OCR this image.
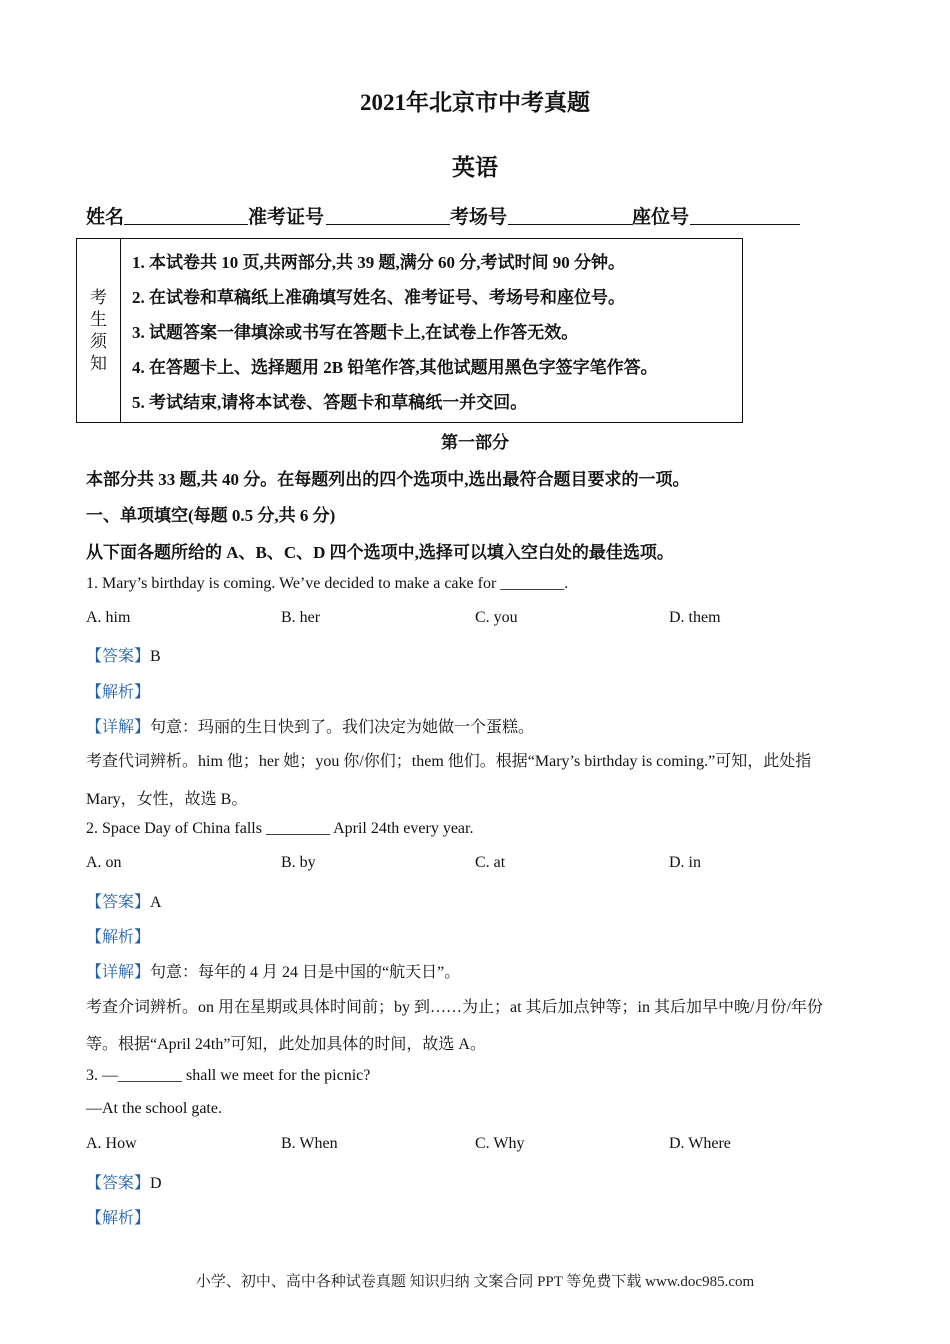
2021年北京市中考真题
英语
姓名	准考证号	考场号	座位号
考
生
须
知
1. 本试卷共 10 页,共两部分,共 39 题,满分 60 分,考试时间 90 分钟。
2. 在试卷和草稿纸上准确填写姓名、准考证号、考场号和座位号。
3. 试题答案一律填涂或书写在答题卡上,在试卷上作答无效。
4. 在答题卡上、选择题用 2B 铅笔作答,其他试题用黑色字签字笔作答。
5. 考试结束,请将本试卷、答题卡和草稿纸一并交回。
第一部分
本部分共 33 题,共 40 分。在每题列出的四个选项中,选出最符合题目要求的一项。
一、单项填空(每题 0.5 分,共 6 分)
从下面各题所给的 A、B、C、D 四个选项中,选择可以填入空白处的最佳选项。
1. Mary’s birthday is coming. We’ve decided to make a cake for ________.
A. him	B. her	C. you	D. them
【答案】B
【解析】
【详解】句意：玛丽的生日快到了。我们决定为她做一个蛋糕。
考查代词辨析。him 他；her 她；you 你/你们；them 他们。根据“Mary’s birthday is coming.”可知，此处指
Mary，女性，故选 B。
2. Space Day of China falls ________ April 24th every year.
A. on	B. by	C. at	D. in
【答案】A
【解析】
【详解】句意：每年的 4 月 24 日是中国的“航天日”。
考查介词辨析。on 用在星期或具体时间前；by 到……为止；at 其后加点钟等；in 其后加早中晚/月份/年份
等。根据“April 24th”可知，此处加具体的时间，故选 A。
3. —________ shall we meet for the picnic?
—At the school gate.
A. How	B. When	C. Why	D. Where
【答案】D
【解析】
小学、初中、高中各种试卷真题 知识归纳 文案合同 PPT 等免费下载 www.doc985.com
